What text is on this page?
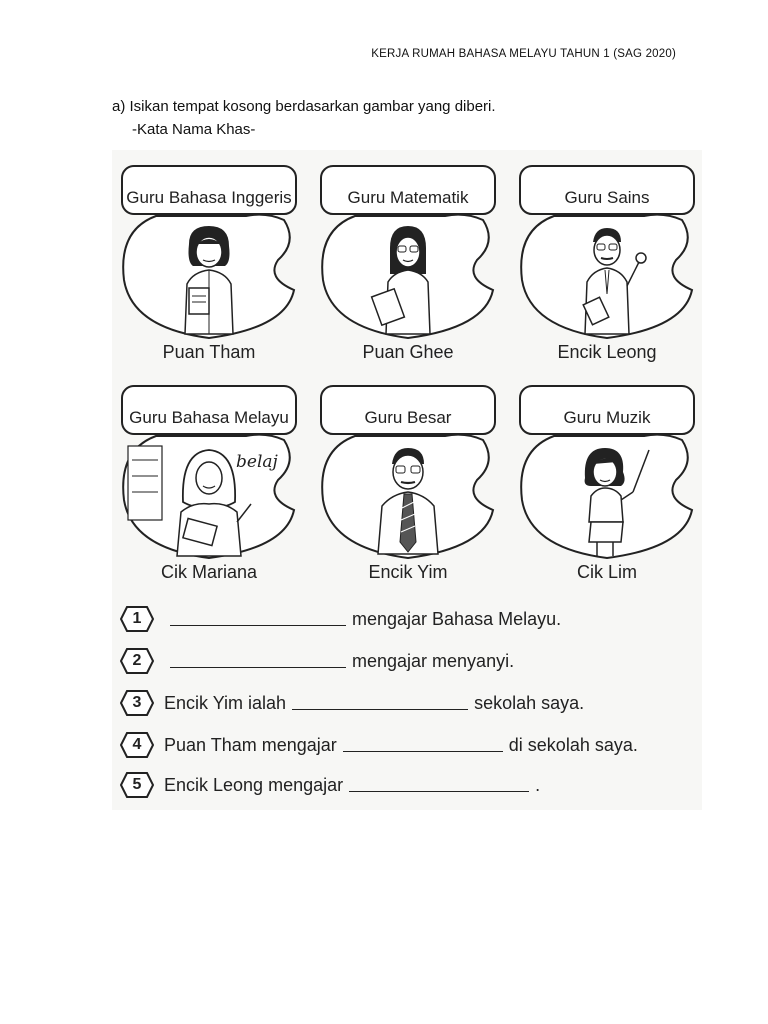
KERJA RUMAH BAHASA MELAYU TAHUN 1 (SAG 2020)
a) Isikan tempat kosong berdasarkan gambar yang diberi.
-Kata Nama Khas-
Guru Bahasa Inggeris
Puan Tham
Guru Matematik
Puan Ghee
Guru Sains
Encik Leong
Guru Bahasa Melayu
belaj
Cik Mariana
Guru Besar
Encik Yim
Guru Muzik
Cik Lim
1	mengajar Bahasa Melayu.
2	mengajar menyanyi.
3 Encik Yim ialah	sekolah saya.
4 Puan Tham mengajar	di sekolah saya.
5 Encik Leong mengajar	.
